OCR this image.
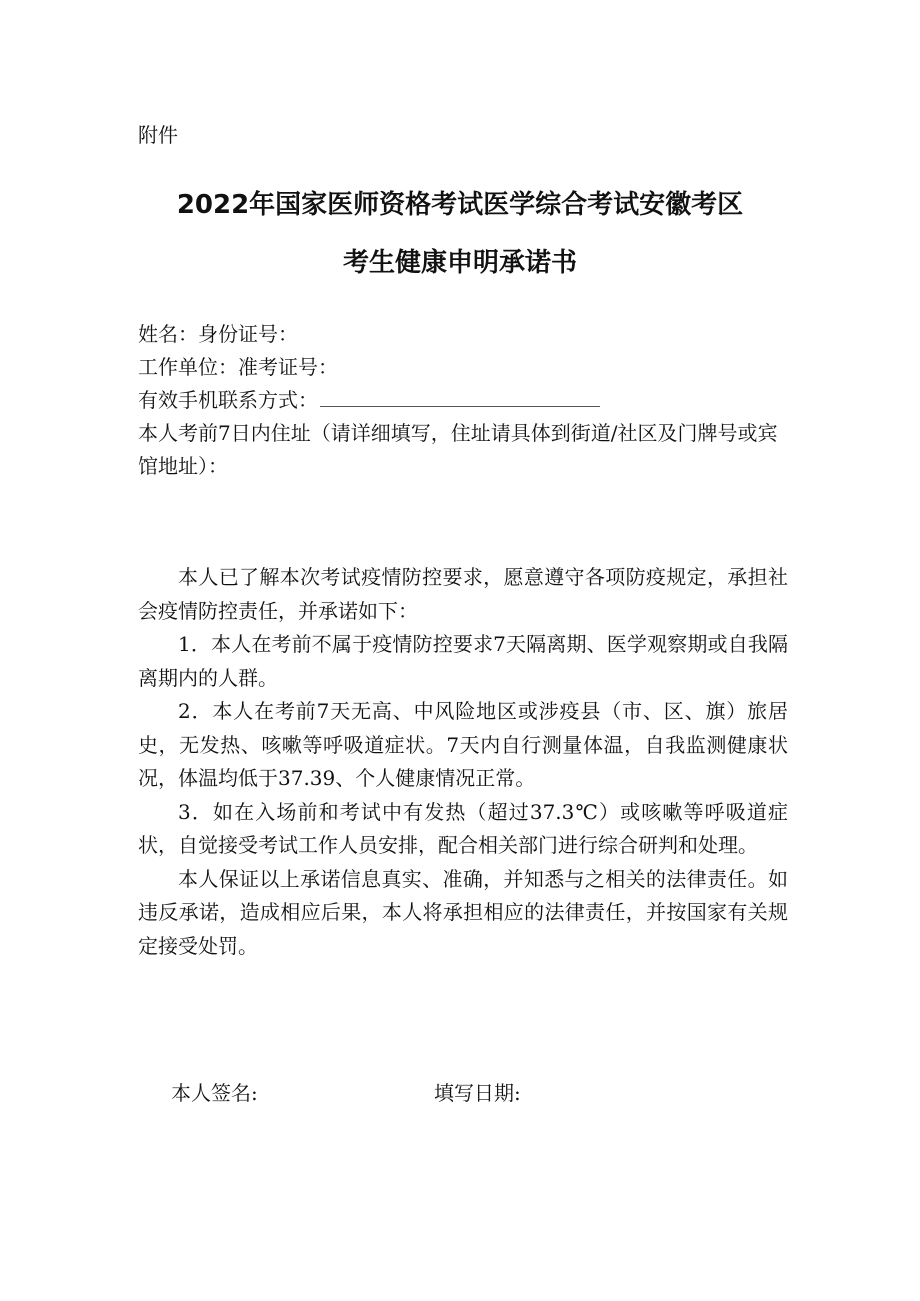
附件
2022年国家医师资格考试医学综合考试安徽考区
考生健康申明承诺书
姓名：身份证号：
工作单位：准考证号：
有效手机联系方式：
本人考前7日内住址（请详细填写，住址请具体到街道/社区及门牌号或宾馆地址）：

本人已了解本次考试疫情防控要求，愿意遵守各项防疫规定，承担社会疫情防控责任，并承诺如下：

1．本人在考前不属于疫情防控要求7天隔离期、医学观察期或自我隔离期内的人群。

2．本人在考前7天无高、中风险地区或涉疫县（市、区、旗）旅居史，无发热、咳嗽等呼吸道症状。7天内自行测量体温，自我监测健康状况，体温均低于37.39、个人健康情况正常。

3．如在入场前和考试中有发热（超过37.3℃）或咳嗽等呼吸道症状，自觉接受考试工作人员安排，配合相关部门进行综合研判和处理。

本人保证以上承诺信息真实、准确，并知悉与之相关的法律责任。如违反承诺，造成相应后果，本人将承担相应的法律责任，并按国家有关规定接受处罚。

本人签名:	填写日期:
